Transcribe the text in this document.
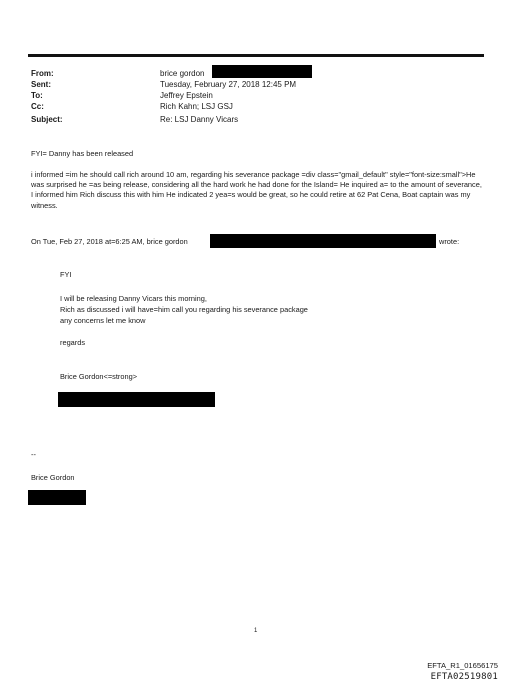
From:
Sent:
To:
Cc:
Subject:
brice gordon
Tuesday, February 27, 2018 12:45 PM
Jeffrey Epstein
Rich Kahn; LSJ GSJ
Re: LSJ Danny Vicars
FYI= Danny has been released
i informed =im he should call rich around 10 am, regarding his severance package =div class="gmail_default" style="font-size:small">He was surprised he =as being release, considering all the hard work he had done for the Island= He inquired a= to the amount of severance, I informed him Rich discuss this with him He indicated 2 yea=s would be great, so he could retire at 62 Pat Cena, Boat captain was my witness.
On Tue, Feb 27, 2018 at=6:25 AM, brice gordon	wrote:
FYI
I will be releasing Danny Vicars this morning,
Rich as discussed i will have=him call you regarding his severance package
any concerns let me know
regards
Brice Gordon<=strong>
--
Brice Gordon
1
EFTA_R1_01656175
EFTA02519801
